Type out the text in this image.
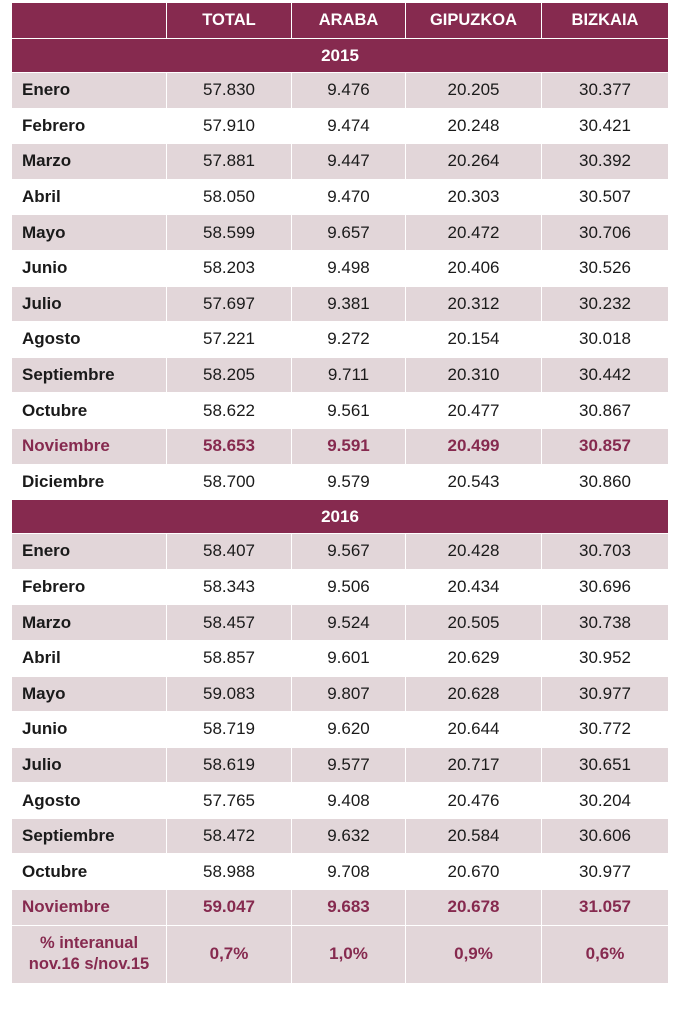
	TOTAL	ARABA	GIPUZKOA	BIZKAIA
2015				
Enero	57.830	9.476	20.205	30.377
Febrero	57.910	9.474	20.248	30.421
Marzo	57.881	9.447	20.264	30.392
Abril	58.050	9.470	20.303	30.507
Mayo	58.599	9.657	20.472	30.706
Junio	58.203	9.498	20.406	30.526
Julio	57.697	9.381	20.312	30.232
Agosto	57.221	9.272	20.154	30.018
Septiembre	58.205	9.711	20.310	30.442
Octubre	58.622	9.561	20.477	30.867
Noviembre	58.653	9.591	20.499	30.857
Diciembre	58.700	9.579	20.543	30.860
2016				
Enero	58.407	9.567	20.428	30.703
Febrero	58.343	9.506	20.434	30.696
Marzo	58.457	9.524	20.505	30.738
Abril	58.857	9.601	20.629	30.952
Mayo	59.083	9.807	20.628	30.977
Junio	58.719	9.620	20.644	30.772
Julio	58.619	9.577	20.717	30.651
Agosto	57.765	9.408	20.476	30.204
Septiembre	58.472	9.632	20.584	30.606
Octubre	58.988	9.708	20.670	30.977
Noviembre	59.047	9.683	20.678	31.057

% interanual
nov.16 s/nov.15	0,7%	1,0%	0,9%	0,6%
